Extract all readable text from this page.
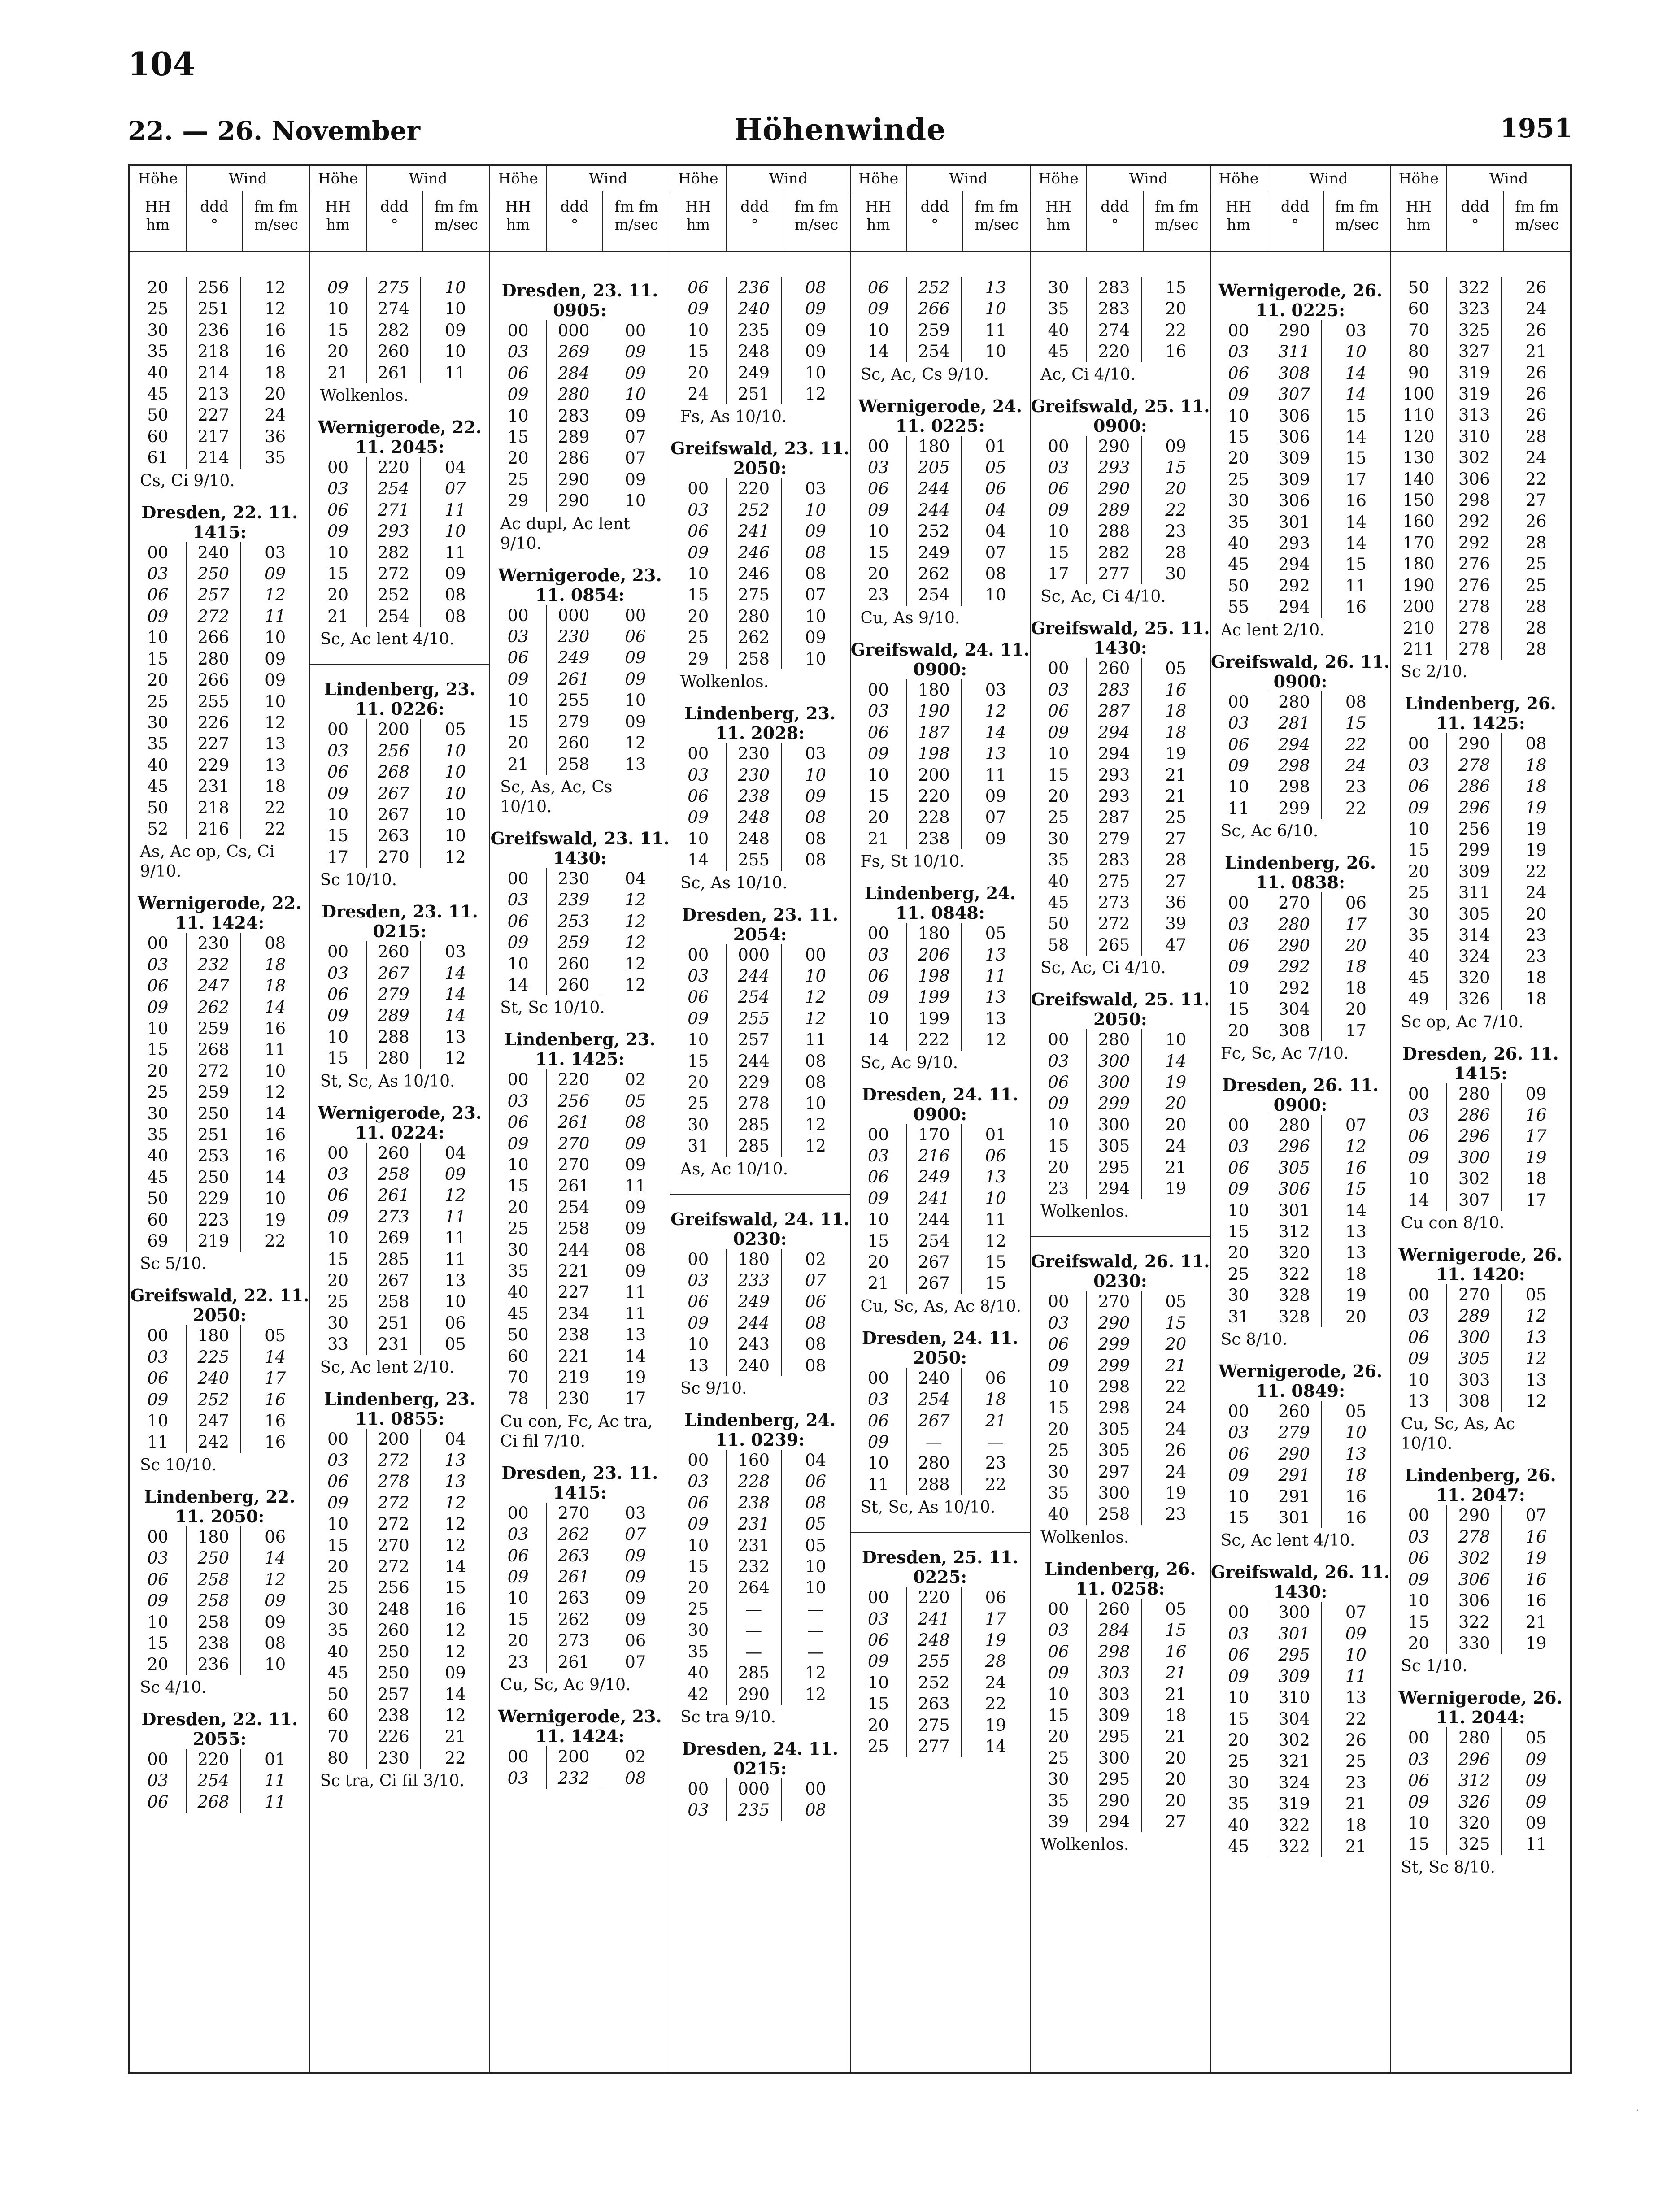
104
22. — 26. November	Höhenwinde	1951
Höhe	Wind
HH
hm
ddd
°
fm fm
m/sec
20	256	12
25	251	12
30	236	16
35	218	16
40	214	18
45	213	20
50	227	24
60	217	36
61	214	35
Cs, Ci 9/10.
Dresden, 22. 11. 1415:
00	240	03
03	250	09
06	257	12
09	272	11
10	266	10
15	280	09
20	266	09
25	255	10
30	226	12
35	227	13
40	229	13
45	231	18
50	218	22
52	216	22
As, Ac op, Cs, Ci 9/10.
Wernigerode, 22. 11. 1424:
00	230	08
03	232	18
06	247	18
09	262	14
10	259	16
15	268	11
20	272	10
25	259	12
30	250	14
35	251	16
40	253	16
45	250	14
50	229	10
60	223	19
69	219	22
Sc 5/10.
Greifswald, 22. 11. 2050:
00	180	05
03	225	14
06	240	17
09	252	16
10	247	16
11	242	16
Sc 10/10.
Lindenberg, 22. 11. 2050:
00	180	06
03	250	14
06	258	12
09	258	09
10	258	09
15	238	08
20	236	10
Sc 4/10.
Dresden, 22. 11. 2055:
00	220	01
03	254	11
06	268	11
Höhe	Wind
HH
hm
ddd
°
fm fm
m/sec
09	275	10
10	274	10
15	282	09
20	260	10
21	261	11
Wolkenlos.
Wernigerode, 22. 11. 2045:
00	220	04
03	254	07
06	271	11
09	293	10
10	282	11
15	272	09
20	252	08
21	254	08
Sc, Ac lent 4/10.
Lindenberg, 23. 11. 0226:
00	200	05
03	256	10
06	268	10
09	267	10
10	267	10
15	263	10
17	270	12
Sc 10/10.
Dresden, 23. 11. 0215:
00	260	03
03	267	14
06	279	14
09	289	14
10	288	13
15	280	12
St, Sc, As 10/10.
Wernigerode, 23. 11. 0224:
00	260	04
03	258	09
06	261	12
09	273	11
10	269	11
15	285	11
20	267	13
25	258	10
30	251	06
33	231	05
Sc, Ac lent 2/10.
Lindenberg, 23. 11. 0855:
00	200	04
03	272	13
06	278	13
09	272	12
10	272	12
15	270	12
20	272	14
25	256	15
30	248	16
35	260	12
40	250	12
45	250	09
50	257	14
60	238	12
70	226	21
80	230	22
Sc tra, Ci fil 3/10.
Höhe	Wind
HH
hm
ddd
°
fm fm
m/sec
Dresden, 23. 11. 0905:
00	000	00
03	269	09
06	284	09
09	280	10
10	283	09
15	289	07
20	286	07
25	290	09
29	290	10
Ac dupl, Ac lent 9/10.
Wernigerode, 23. 11. 0854:
00	000	00
03	230	06
06	249	09
09	261	09
10	255	10
15	279	09
20	260	12
21	258	13
Sc, As, Ac, Cs 10/10.
Greifswald, 23. 11. 1430:
00	230	04
03	239	12
06	253	12
09	259	12
10	260	12
14	260	12
St, Sc 10/10.
Lindenberg, 23. 11. 1425:
00	220	02
03	256	05
06	261	08
09	270	09
10	270	09
15	261	11
20	254	09
25	258	09
30	244	08
35	221	09
40	227	11
45	234	11
50	238	13
60	221	14
70	219	19
78	230	17
Cu con, Fc, Ac tra, Ci fil 7/10.
Dresden, 23. 11. 1415:
00	270	03
03	262	07
06	263	09
09	261	09
10	263	09
15	262	09
20	273	06
23	261	07
Cu, Sc, Ac 9/10.
Wernigerode, 23. 11. 1424:
00	200	02
03	232	08
Höhe	Wind
HH
hm
ddd
°
fm fm
m/sec
06	236	08
09	240	09
10	235	09
15	248	09
20	249	10
24	251	12
Fs, As 10/10.
Greifswald, 23. 11. 2050:
00	220	03
03	252	10
06	241	09
09	246	08
10	246	08
15	275	07
20	280	10
25	262	09
29	258	10
Wolkenlos.
Lindenberg, 23. 11. 2028:
00	230	03
03	230	10
06	238	09
09	248	08
10	248	08
14	255	08
Sc, As 10/10.
Dresden, 23. 11. 2054:
00	000	00
03	244	10
06	254	12
09	255	12
10	257	11
15	244	08
20	229	08
25	278	10
30	285	12
31	285	12
As, Ac 10/10.
Greifswald, 24. 11. 0230:
00	180	02
03	233	07
06	249	06
09	244	08
10	243	08
13	240	08
Sc 9/10.
Lindenberg, 24. 11. 0239:
00	160	04
03	228	06
06	238	08
09	231	05
10	231	05
15	232	10
20	264	10
25	—	—
30	—	—
35	—	—
40	285	12
42	290	12
Sc tra 9/10.
Dresden, 24. 11. 0215:
00	000	00
03	235	08
Höhe	Wind
HH
hm
ddd
°
fm fm
m/sec
06	252	13
09	266	10
10	259	11
14	254	10
Sc, Ac, Cs 9/10.
Wernigerode, 24. 11. 0225:
00	180	01
03	205	05
06	244	06
09	244	04
10	252	04
15	249	07
20	262	08
23	254	10
Cu, As 9/10.
Greifswald, 24. 11. 0900:
00	180	03
03	190	12
06	187	14
09	198	13
10	200	11
15	220	09
20	228	07
21	238	09
Fs, St 10/10.
Lindenberg, 24. 11. 0848:
00	180	05
03	206	13
06	198	11
09	199	13
10	199	13
14	222	12
Sc, Ac 9/10.
Dresden, 24. 11. 0900:
00	170	01
03	216	06
06	249	13
09	241	10
10	244	11
15	254	12
20	267	15
21	267	15
Cu, Sc, As, Ac 8/10.
Dresden, 24. 11. 2050:
00	240	06
03	254	18
06	267	21
09	—	—
10	280	23
11	288	22
St, Sc, As 10/10.
Dresden, 25. 11. 0225:
00	220	06
03	241	17
06	248	19
09	255	28
10	252	24
15	263	22
20	275	19
25	277	14
Höhe	Wind
HH
hm
ddd
°
fm fm
m/sec
30	283	15
35	283	20
40	274	22
45	220	16
Ac, Ci 4/10.
Greifswald, 25. 11. 0900:
00	290	09
03	293	15
06	290	20
09	289	22
10	288	23
15	282	28
17	277	30
Sc, Ac, Ci 4/10.
Greifswald, 25. 11. 1430:
00	260	05
03	283	16
06	287	18
09	294	18
10	294	19
15	293	21
20	293	21
25	287	25
30	279	27
35	283	28
40	275	27
45	273	36
50	272	39
58	265	47
Sc, Ac, Ci 4/10.
Greifswald, 25. 11. 2050:
00	280	10
03	300	14
06	300	19
09	299	20
10	300	20
15	305	24
20	295	21
23	294	19
Wolkenlos.
Greifswald, 26. 11. 0230:
00	270	05
03	290	15
06	299	20
09	299	21
10	298	22
15	298	24
20	305	24
25	305	26
30	297	24
35	300	19
40	258	23
Wolkenlos.
Lindenberg, 26. 11. 0258:
00	260	05
03	284	15
06	298	16
09	303	21
10	303	21
15	309	18
20	295	21
25	300	20
30	295	20
35	290	20
39	294	27
Wolkenlos.
Höhe	Wind
HH
hm
ddd
°
fm fm
m/sec
Wernigerode, 26. 11. 0225:
00	290	03
03	311	10
06	308	14
09	307	14
10	306	15
15	306	14
20	309	15
25	309	17
30	306	16
35	301	14
40	293	14
45	294	15
50	292	11
55	294	16
Ac lent 2/10.
Greifswald, 26. 11. 0900:
00	280	08
03	281	15
06	294	22
09	298	24
10	298	23
11	299	22
Sc, Ac 6/10.
Lindenberg, 26. 11. 0838:
00	270	06
03	280	17
06	290	20
09	292	18
10	292	18
15	304	20
20	308	17
Fc, Sc, Ac 7/10.
Dresden, 26. 11. 0900:
00	280	07
03	296	12
06	305	16
09	306	15
10	301	14
15	312	13
20	320	13
25	322	18
30	328	19
31	328	20
Sc 8/10.
Wernigerode, 26. 11. 0849:
00	260	05
03	279	10
06	290	13
09	291	18
10	291	16
15	301	16
Sc, Ac lent 4/10.
Greifswald, 26. 11. 1430:
00	300	07
03	301	09
06	295	10
09	309	11
10	310	13
15	304	22
20	302	26
25	321	25
30	324	23
35	319	21
40	322	18
45	322	21
Höhe	Wind
HH
hm
ddd
°
fm fm
m/sec
50	322	26
60	323	24
70	325	26
80	327	21
90	319	26
100	319	26
110	313	26
120	310	28
130	302	24
140	306	22
150	298	27
160	292	26
170	292	28
180	276	25
190	276	25
200	278	28
210	278	28
211	278	28
Sc 2/10.
Lindenberg, 26. 11. 1425:
00	290	08
03	278	18
06	286	18
09	296	19
10	256	19
15	299	19
20	309	22
25	311	24
30	305	20
35	314	23
40	324	23
45	320	18
49	326	18
Sc op, Ac 7/10.
Dresden, 26. 11. 1415:
00	280	09
03	286	16
06	296	17
09	300	19
10	302	18
14	307	17
Cu con 8/10.
Wernigerode, 26. 11. 1420:
00	270	05
03	289	12
06	300	13
09	305	12
10	303	13
13	308	12
Cu, Sc, As, Ac 10/10.
Lindenberg, 26. 11. 2047:
00	290	07
03	278	16
06	302	19
09	306	16
10	306	16
15	322	21
20	330	19
Sc 1/10.
Wernigerode, 26. 11. 2044:
00	280	05
03	296	09
06	312	09
09	326	09
10	320	09
15	325	11
St, Sc 8/10.
·
